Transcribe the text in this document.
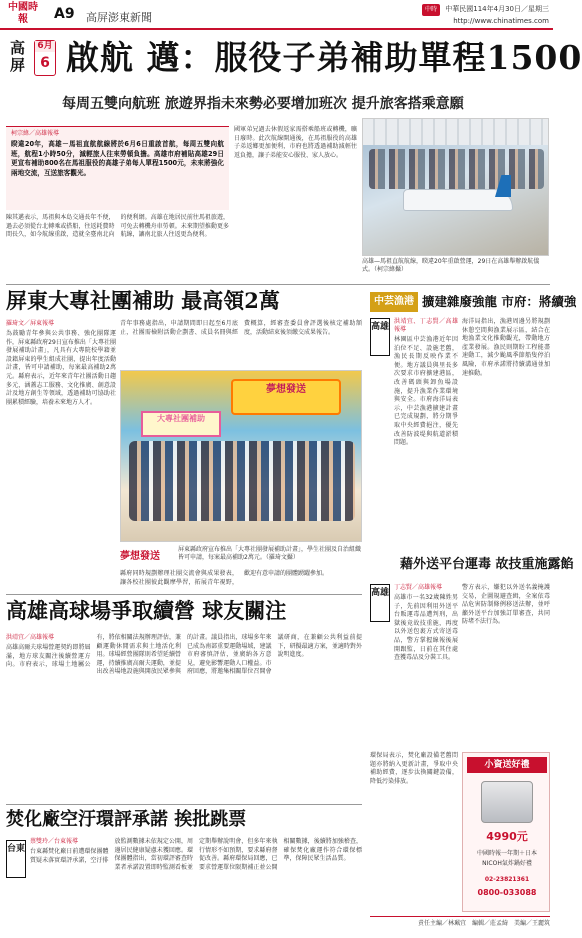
中國時報	A9 高屏澎東新聞
中時 中華民國114年4月30日／星期三
http://www.chinatimes.com
高屏
6月
6 啟航 邁：服役子弟補助單程1500
每周五雙向航班 旅遊界指未來勢必要增加班次 提升旅客搭乘意願
柯宗緯／高雄報導
睽違20年，高雄－馬祖直航航線將於6月6日重啟首航，每周五雙向航班，航程1小時50分，減輕旅人往來勞頓負擔。高雄市府補貼高雄29日更宣布補助800名在馬祖服役的高雄子弟每人單程1500元，未來將強化兩地交流，互送旅客觀光。
陳其邁表示，馬祖與本島交通長年不便，過去必須從台北轉乘或搭船，往返耗費時間長久，如今航線重啟，造就全臺南北向的便利網。高雄在地居民前往馬祖旅遊，可免去轉機舟車勞頓。未來期望推動更多航線，讓南北旅人往返更為便利。
國軍弟兄過去休假返家需搭乘船班或轉機，曠日廢時。此次航線開通後，在馬祖服役的高雄子弟返鄉更加便利，市府也將透過補助減輕往返負擔，讓子弟能安心服役、家人放心。
高雄—馬祖直航航線，睽違20年重啟營運，29日在高雄舉辦啟航儀式。（柯宗緯攝）
屏東大專社團補助 最高領2萬
羅琦文／屏東報導
為鼓勵青年參與公共事務、強化團隊運作，屏東縣政府29日宣布推出「大專社團發展補助計畫」，凡具有大專院校學籍並設籍屏東的學生組成社團，提出年度活動計畫，皆可申請補助，每案最高補助2萬元。縣府表示，近年來青年社團活動日趨多元，涵蓋志工服務、文化推廣、創意設計及地方創生等領域，透過補助可協助社團累積經驗，培養未來地方人才。
青年事務處指出，申請期間即日起至6月底止，社團需檢附活動企劃書、成員名冊與經費概算，經審查委員會評選後核定補助額度，活動結束後須繳交成果報告。
夢想發送
大專社團補助
夢想發送
屏東縣政府宣布推出「大專社團發展補助計畫」，學生社團及自治組織皆可申請，每案最高補助2萬元。（羅琦文攝）
縣府同時規劃辦理社團交流會與成果發表，讓各校社團彼此觀摩學習，拓展青年視野，歡迎有意申請的團體踴躍參加。
中芸漁港 擴建雜廢強龍 市府：將續強
高雄
洪靖宜、丁志賢／高雄報導
林園區中芸漁港近年因泊位不足、設施老舊，漁民長期反映作業不便。地方議員與里長多次要求市府擴建港區，改善碼頭與卸魚場設施，提升漁業作業環境與安全。市府海洋局表示，中芸漁港擴建計畫已完成規劃，將分期爭取中央經費挹注，優先改善防波堤與航道淤積問題。
海洋局指出，漁港周邊另將規劃休憩空間與漁業展示區，結合在地漁業文化推動觀光，帶動地方產業發展。漁民則期盼工程能盡速動工，減少颱風季節船隻停泊風險，市府承諾將持續溝通並加速推動。
藉外送平台運毒 故技重施露餡
高雄
丁志賢／高雄報導
高雄市一名32歲陳姓男子，先前因利用外送平台販運毒品遭判刑，出獄後竟故技重施，再度以外送包裹方式寄送毒品，警方掌握線報後展開跟監，日前在其住處查獲毒品及分裝工具。
警方表示，嫌犯以外送名義掩護交易，企圖規避查緝，全案依毒品危害防制條例移送法辦，並呼籲外送平台加強訂單審查，共同防堵不法行為。
高雄高球場爭取續營 球友關注
洪靖宜／高雄報導
高雄高爾夫球場營運契約即將屆滿，地方球友關注後續營運方向。市府表示，球場土地屬公有，將依相關法規辦理評估，兼顧運動休閒需求與土地活化利用。球場經營團隊則希望延續營運，持續推廣高爾夫運動，並提出改善場地設施與開放民眾參與的計畫。議員指出，球場多年來已成為南部重要運動場域，建議市府審慎評估，並廣納各方意見，避免影響運動人口權益。市府回應，將邀集相關單位召開會議研商，在兼顧公共利益前提下，研擬最適方案，並適時對外說明進度。
焚化廠空汙環評承諾 挨批跳票
台東
蔡雙玲／台東報導
台東縣焚化廠日前遭環保團體質疑未落實環評承諾，空汙排放監測數據未依規定公開，周邊居民健康疑慮未獲回應。環保團體指出，當初環評審查時業者承諾設置即時監測看板並定期舉辦說明會，但多年來執行情形不如預期，要求縣府督促改善。縣府環保局回應，已要求營運單位限期補正並公開相關數據，後續將加強稽查，確保焚化廠運作符合環保標準，保障民眾生活品質。
環保局表示，焚化廠設備老舊問題亦將納入更新計畫，爭取中央補助經費，逐步汰換關鍵設備，降低污染排放。
小資送好禮
4990元
中國時報一年期＋日本
NICOH氣炸鍋好禮
02-23821361
0800-033088
責任主編／林珮宜　編輯／莊孟綺　美編／王麗筑
